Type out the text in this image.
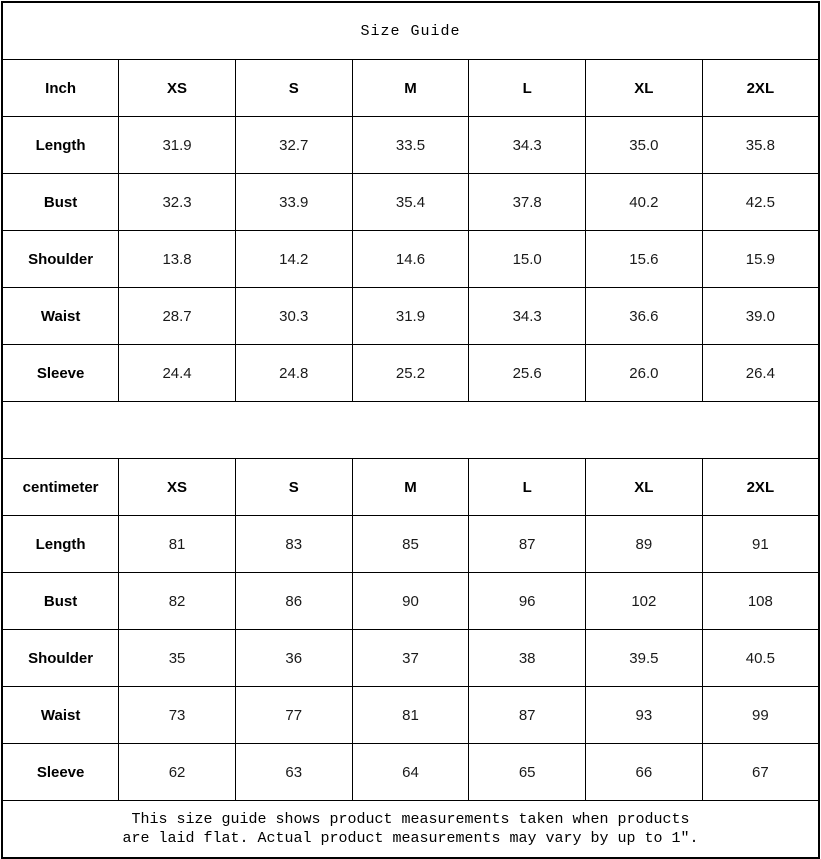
Size Guide						
Inch	XS	S	M	L	XL	2XL
Length	31.9	32.7	33.5	34.3	35.0	35.8
Bust	32.3	33.9	35.4	37.8	40.2	42.5
Shoulder	13.8	14.2	14.6	15.0	15.6	15.9
Waist	28.7	30.3	31.9	34.3	36.6	39.0
Sleeve	24.4	24.8	25.2	25.6	26.0	26.4

centimeter	XS	S	M	L	XL	2XL
Length	81	83	85	87	89	91
Bust	82	86	90	96	102	108
Shoulder	35	36	37	38	39.5	40.5
Waist	73	77	81	87	93	99
Sleeve	62	63	64	65	66	67

This size guide shows product measurements taken when products
are laid flat. Actual product measurements may vary by up to 1″.						
